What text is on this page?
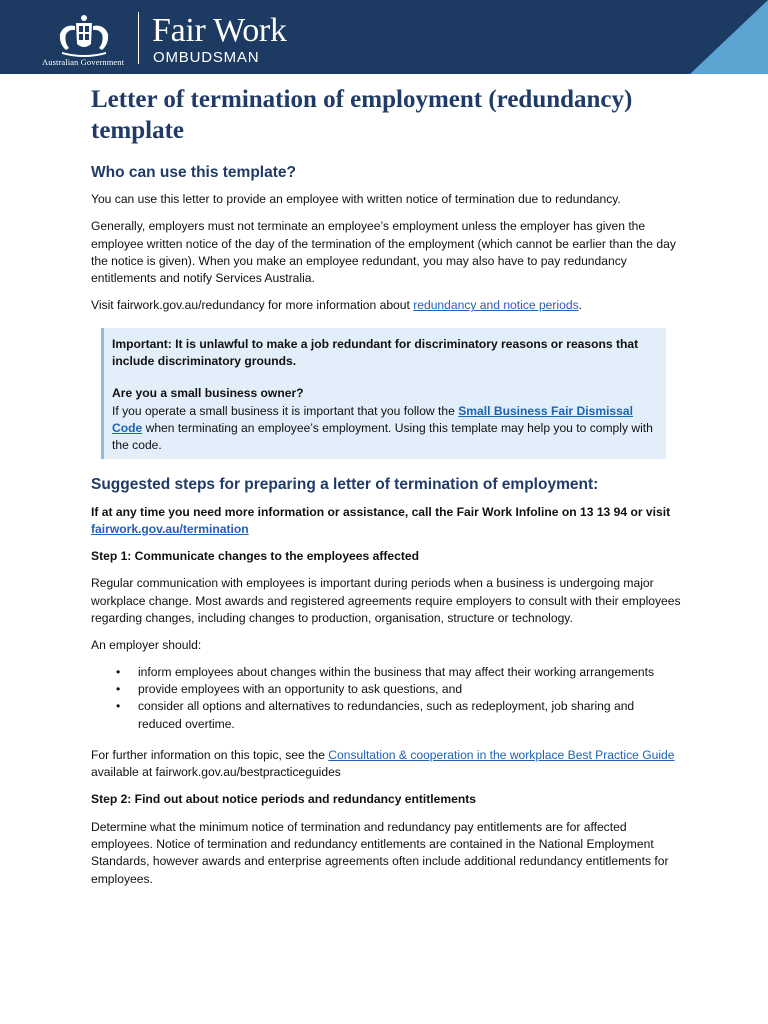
Australian Government
Fair Work
OMBUDSMAN
Letter of termination of employment (redundancy) template
Who can use this template?

You can use this letter to provide an employee with written notice of termination due to redundancy.

Generally, employers must not terminate an employee’s employment unless the employer has given the employee written notice of the day of the termination of the employment (which cannot be earlier than the day the notice is given). When you make an employee redundant, you may also have to pay redundancy entitlements and notify Services Australia.

Visit fairwork.gov.au/redundancy for more information about redundancy and notice periods.

Important: It is unlawful to make a job redundant for discriminatory reasons or reasons that include discriminatory grounds.

Are you a small business owner?

If you operate a small business it is important that you follow the Small Business Fair Dismissal Code when terminating an employee’s employment. Using this template may help you to comply with the code.

Suggested steps for preparing a letter of termination of employment:

If at any time you need more information or assistance, call the Fair Work Infoline on 13 13 94 or visit fairwork.gov.au/termination

Step 1: Communicate changes to the employees affected

Regular communication with employees is important during periods when a business is undergoing major workplace change. Most awards and registered agreements require employers to consult with their employees regarding changes, including changes to production, organisation, structure or technology.

An employer should:

• inform employees about changes within the business that may affect their working arrangements
• provide employees with an opportunity to ask questions, and
• consider all options and alternatives to redundancies, such as redeployment, job sharing and reduced overtime.

For further information on this topic, see the Consultation & cooperation in the workplace Best Practice Guide available at fairwork.gov.au/bestpracticeguides

Step 2: Find out about notice periods and redundancy entitlements

Determine what the minimum notice of termination and redundancy pay entitlements are for affected employees. Notice of termination and redundancy entitlements are contained in the National Employment Standards, however awards and enterprise agreements often include additional redundancy entitlements for employees.
